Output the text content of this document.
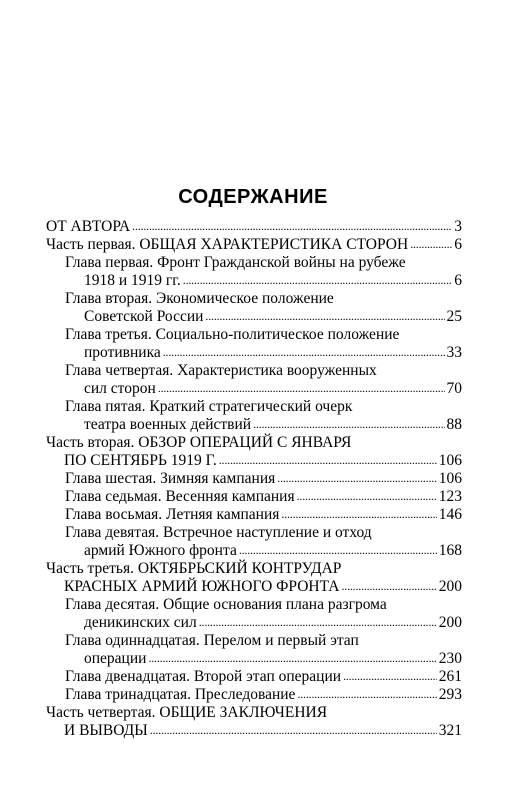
СОДЕРЖАНИЕ
ОТ АВТОРА . . .	3
Часть первая. ОБЩАЯ ХАРАКТЕРИСТИКА СТОРОН . . .	6
Глава первая. Фронт Гражданской войны на рубеже
1918 и 1919 гг. . . .	6
Глава вторая. Экономическое положение
Советской России . . .	25
Глава третья. Социально-политическое положение
противника . . .	33
Глава четвертая. Характеристика вооруженных
сил сторон . . .	70
Глава пятая. Краткий стратегический очерк
театра военных действий . . .	88
Часть вторая. ОБЗОР ОПЕРАЦИЙ С ЯНВАРЯ
ПО СЕНТЯБРЬ 1919 Г. . . .	106
Глава шестая. Зимняя кампания . . .	106
Глава седьмая. Весенняя кампания . . .	123
Глава восьмая. Летняя кампания . . .	146
Глава девятая. Встречное наступление и отход
армий Южного фронта . . .	168
Часть третья. ОКТЯБРЬСКИЙ КОНТРУДАР
КРАСНЫХ АРМИЙ ЮЖНОГО ФРОНТА . . .	200
Глава десятая. Общие основания плана разгрома
деникинских сил . . .	200
Глава одиннадцатая. Перелом и первый этап
операции . . .	230
Глава двенадцатая. Второй этап операции . . .	261
Глава тринадцатая. Преследование . . .	293
Часть четвертая. ОБЩИЕ ЗАКЛЮЧЕНИЯ
И ВЫВОДЫ . . .	321
